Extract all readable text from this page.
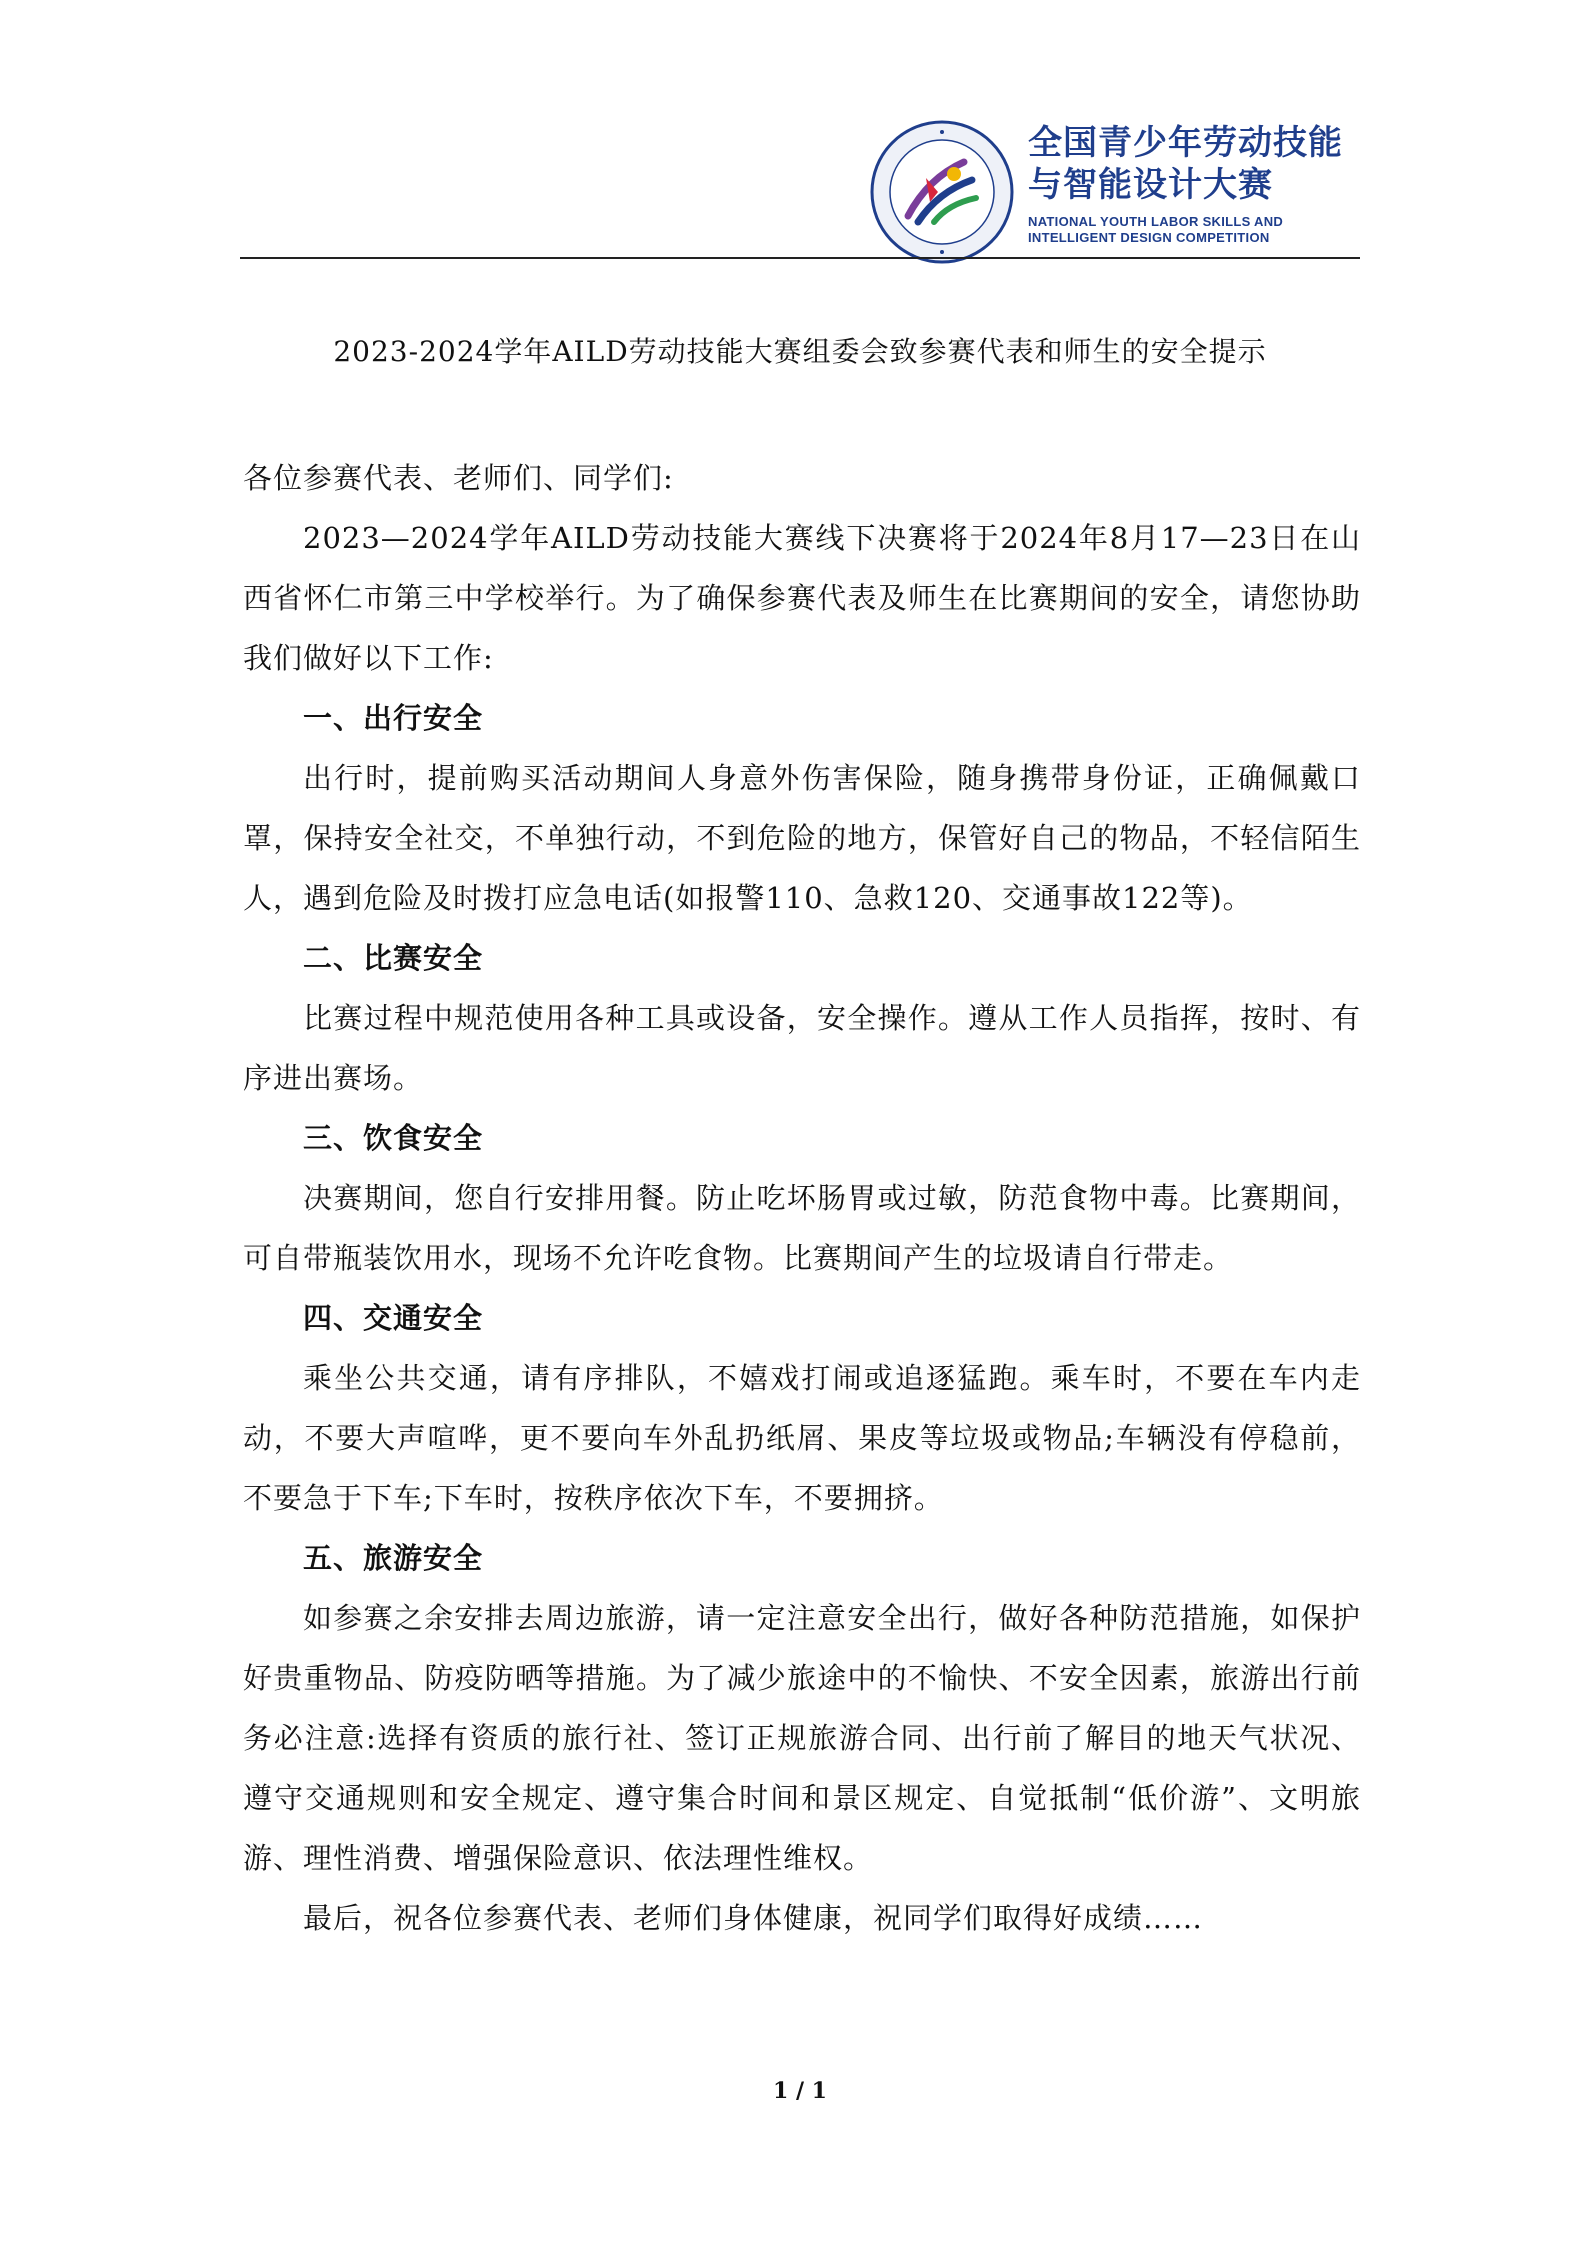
全国青少年劳动技能
与智能设计大赛
NATIONAL YOUTH LABOR SKILLS AND
INTELLIGENT DESIGN COMPETITION
2023-2024学年AILD劳动技能大赛组委会致参赛代表和师生的安全提示

各位参赛代表、老师们、同学们:

2023—2024学年AILD劳动技能大赛线下决赛将于2024年8月17—23日在山西省怀仁市第三中学校举行。为了确保参赛代表及师生在比赛期间的安全，请您协助我们做好以下工作:

一、出行安全

出行时，提前购买活动期间人身意外伤害保险，随身携带身份证，正确佩戴口罩，保持安全社交，不单独行动，不到危险的地方，保管好自己的物品，不轻信陌生人，遇到危险及时拨打应急电话(如报警110、急救120、交通事故122等)。

二、比赛安全

比赛过程中规范使用各种工具或设备，安全操作。遵从工作人员指挥，按时、有序进出赛场。

三、饮食安全

决赛期间，您自行安排用餐。防止吃坏肠胃或过敏，防范食物中毒。比赛期间，可自带瓶装饮用水，现场不允许吃食物。比赛期间产生的垃圾请自行带走。

四、交通安全

乘坐公共交通，请有序排队，不嬉戏打闹或追逐猛跑。乘车时，不要在车内走动，不要大声喧哗，更不要向车外乱扔纸屑、果皮等垃圾或物品;车辆没有停稳前，不要急于下车;下车时，按秩序依次下车，不要拥挤。

五、旅游安全

如参赛之余安排去周边旅游，请一定注意安全出行，做好各种防范措施，如保护好贵重物品、防疫防晒等措施。为了减少旅途中的不愉快、不安全因素，旅游出行前务必注意:选择有资质的旅行社、签订正规旅游合同、出行前了解目的地天气状况、遵守交通规则和安全规定、遵守集合时间和景区规定、自觉抵制“低价游”、文明旅游、理性消费、增强保险意识、依法理性维权。

最后，祝各位参赛代表、老师们身体健康，祝同学们取得好成绩……

1 / 1
